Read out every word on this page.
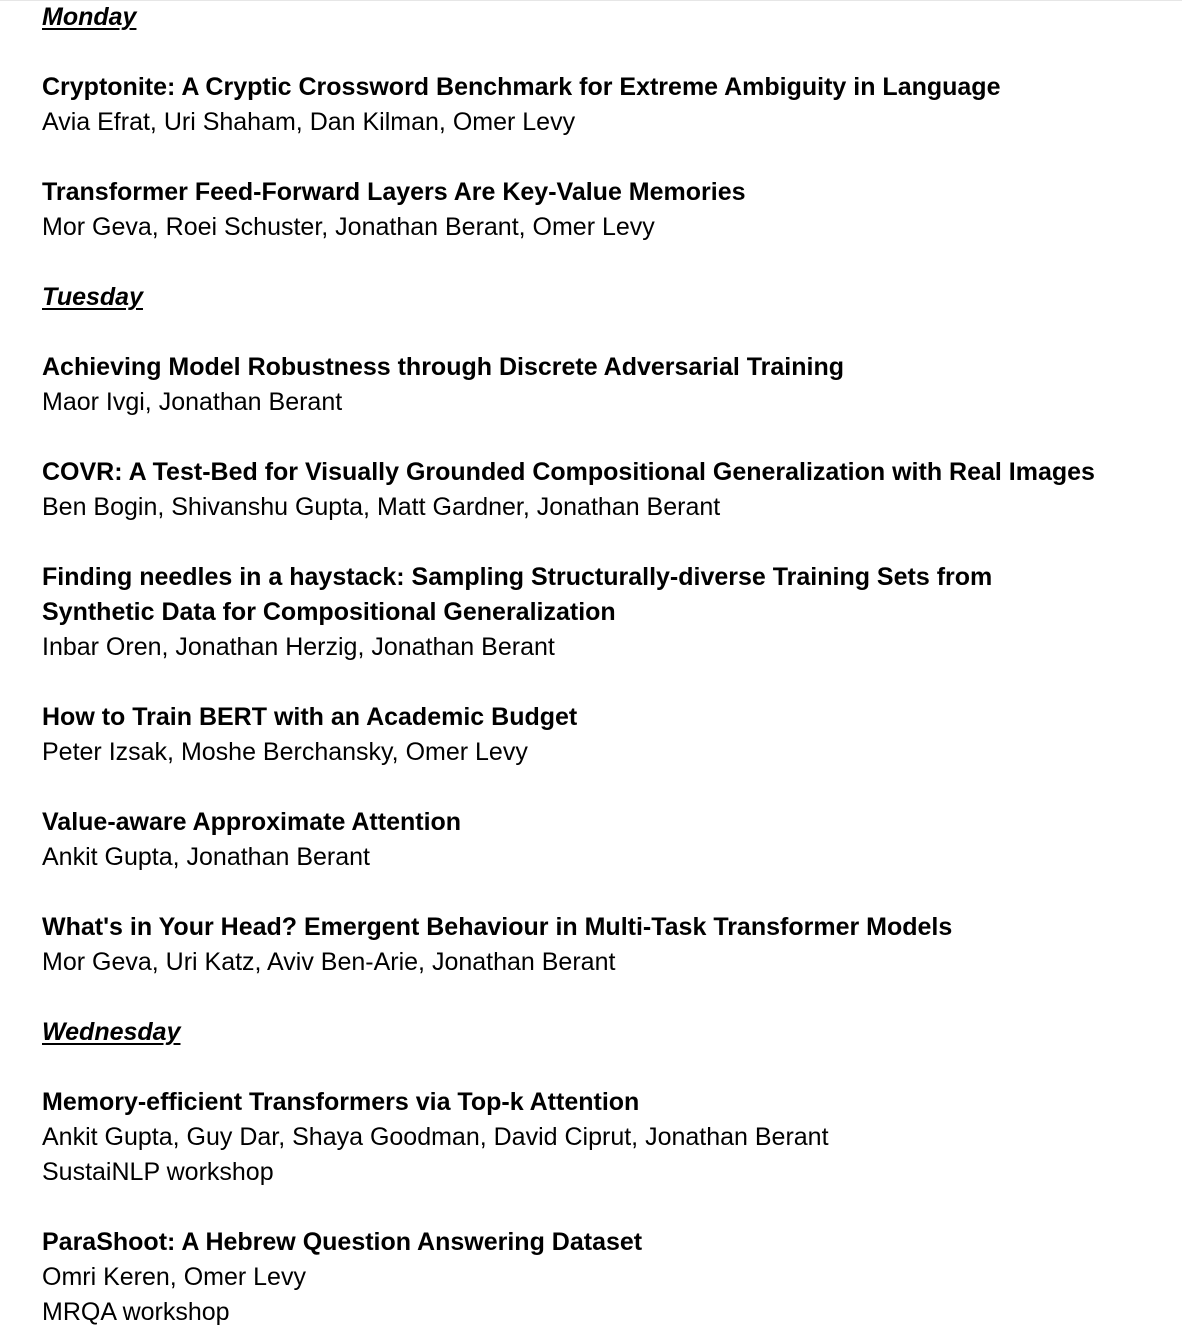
Monday
Cryptonite: A Cryptic Crossword Benchmark for Extreme Ambiguity in Language
Avia Efrat, Uri Shaham, Dan Kilman, Omer Levy
Transformer Feed-Forward Layers Are Key-Value Memories
Mor Geva, Roei Schuster, Jonathan Berant, Omer Levy
Tuesday
Achieving Model Robustness through Discrete Adversarial Training
Maor Ivgi, Jonathan Berant
COVR: A Test-Bed for Visually Grounded Compositional Generalization with Real Images
Ben Bogin, Shivanshu Gupta, Matt Gardner, Jonathan Berant
Finding needles in a haystack: Sampling Structurally-diverse Training Sets from
Synthetic Data for Compositional Generalization
Inbar Oren, Jonathan Herzig, Jonathan Berant
How to Train BERT with an Academic Budget
Peter Izsak, Moshe Berchansky, Omer Levy
Value-aware Approximate Attention
Ankit Gupta, Jonathan Berant
What's in Your Head? Emergent Behaviour in Multi-Task Transformer Models
Mor Geva, Uri Katz, Aviv Ben-Arie, Jonathan Berant
Wednesday
Memory-efficient Transformers via Top-k Attention
Ankit Gupta, Guy Dar, Shaya Goodman, David Ciprut, Jonathan Berant
SustaiNLP workshop
ParaShoot: A Hebrew Question Answering Dataset
Omri Keren, Omer Levy
MRQA workshop
